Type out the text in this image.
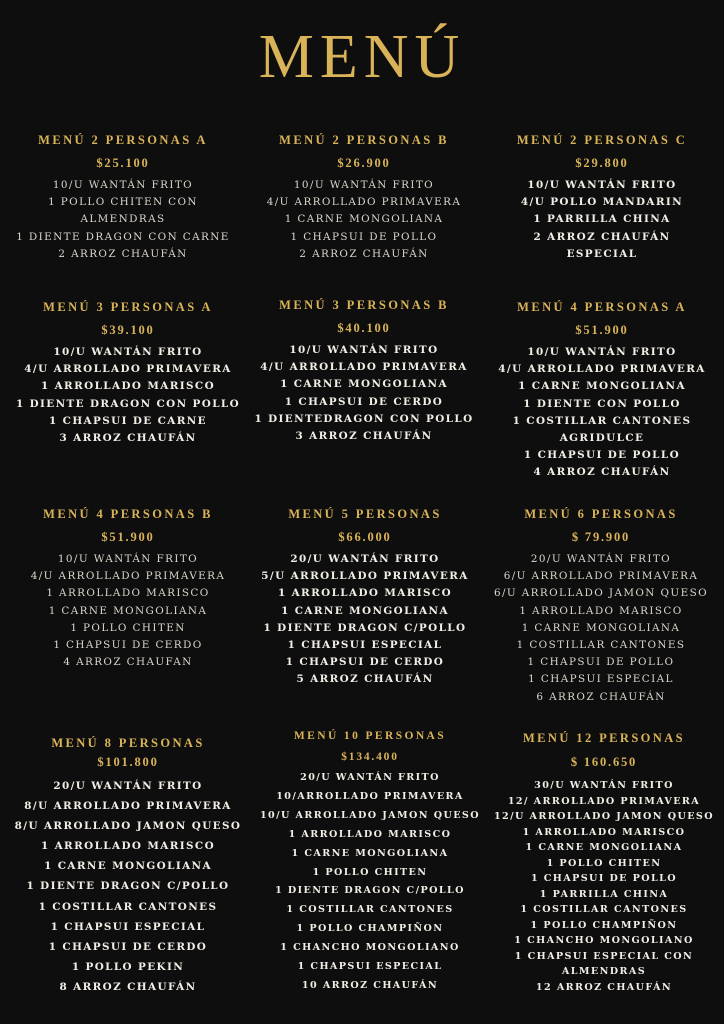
MENÚ
MENÚ 2 PERSONAS A
$25.100
10/U WANTÁN FRITO
1 POLLO CHITEN CON
ALMENDRAS
1 DIENTE DRAGON CON CARNE
2 ARROZ CHAUFÁN
MENÚ 2 PERSONAS B
$26.900
10/U WANTÁN FRITO
4/U ARROLLADO PRIMAVERA
1 CARNE MONGOLIANA
1 CHAPSUI DE POLLO
2 ARROZ CHAUFÁN
MENÚ 2 PERSONAS C
$29.800
10/U WANTÁN FRITO
4/U POLLO MANDARIN
1 PARRILLA CHINA
2 ARROZ CHAUFÁN
ESPECIAL
MENÚ 3 PERSONAS A
$39.100
10/U WANTÁN FRITO
4/U ARROLLADO PRIMAVERA
1 ARROLLADO MARISCO
1 DIENTE DRAGON CON POLLO
1 CHAPSUI DE CARNE
3 ARROZ CHAUFÁN
MENÚ 3 PERSONAS B
$40.100
10/U WANTÁN FRITO
4/U ARROLLADO PRIMAVERA
1 CARNE MONGOLIANA
1 CHAPSUI DE CERDO
1 DIENTEDRAGON CON POLLO
3 ARROZ CHAUFÁN
MENÚ 4 PERSONAS A
$51.900
10/U WANTÁN FRITO
4/U ARROLLADO PRIMAVERA
1 CARNE MONGOLIANA
1 DIENTE CON POLLO
1 COSTILLAR CANTONES
AGRIDULCE
1 CHAPSUI DE POLLO
4 ARROZ CHAUFÁN
MENÚ 4 PERSONAS B
$51.900
10/U WANTÁN FRITO
4/U ARROLLADO PRIMAVERA
1 ARROLLADO MARISCO
1 CARNE MONGOLIANA
1 POLLO CHITEN
1 CHAPSUI DE CERDO
4 ARROZ CHAUFAN
MENÚ 5 PERSONAS
$66.000
20/U WANTÁN FRITO
5/U ARROLLADO PRIMAVERA
1 ARROLLADO MARISCO
1 CARNE MONGOLIANA
1 DIENTE DRAGON C/POLLO
1 CHAPSUI ESPECIAL
1 CHAPSUI DE CERDO
5 ARROZ CHAUFÁN
MENÚ 6 PERSONAS
$ 79.900
20/U WANTÁN FRITO
6/U ARROLLADO PRIMAVERA
6/U ARROLLADO JAMON QUESO
1 ARROLLADO MARISCO
1 CARNE MONGOLIANA
1 COSTILLAR CANTONES
1 CHAPSUI DE POLLO
1 CHAPSUI ESPECIAL
6 ARROZ CHAUFÁN
MENÚ 8 PERSONAS
$101.800
20/U WANTÁN FRITO
8/U ARROLLADO PRIMAVERA
8/U ARROLLADO JAMON QUESO
1 ARROLLADO MARISCO
1 CARNE MONGOLIANA
1 DIENTE DRAGON C/POLLO
1 COSTILLAR CANTONES
1 CHAPSUI ESPECIAL
1 CHAPSUI DE CERDO
1 POLLO PEKIN
8 ARROZ CHAUFÁN
MENÚ 10 PERSONAS
$134.400
20/U WANTÁN FRITO
10/ARROLLADO PRIMAVERA
10/U ARROLLADO JAMON QUESO
1 ARROLLADO MARISCO
1 CARNE MONGOLIANA
1 POLLO CHITEN
1 DIENTE DRAGON C/POLLO
1 COSTILLAR CANTONES
1 POLLO CHAMPIÑON
1 CHANCHO MONGOLIANO
1 CHAPSUI ESPECIAL
10 ARROZ CHAUFÁN
MENÚ 12 PERSONAS
$ 160.650
30/U WANTÁN FRITO
12/ ARROLLADO PRIMAVERA
12/U ARROLLADO JAMON QUESO
1 ARROLLADO MARISCO
1 CARNE MONGOLIANA
1 POLLO CHITEN
1 CHAPSUI DE POLLO
1 PARRILLA CHINA
1 COSTILLAR CANTONES
1 POLLO CHAMPIÑON
1 CHANCHO MONGOLIANO
1 CHAPSUI ESPECIAL CON
ALMENDRAS
12 ARROZ CHAUFÁN
